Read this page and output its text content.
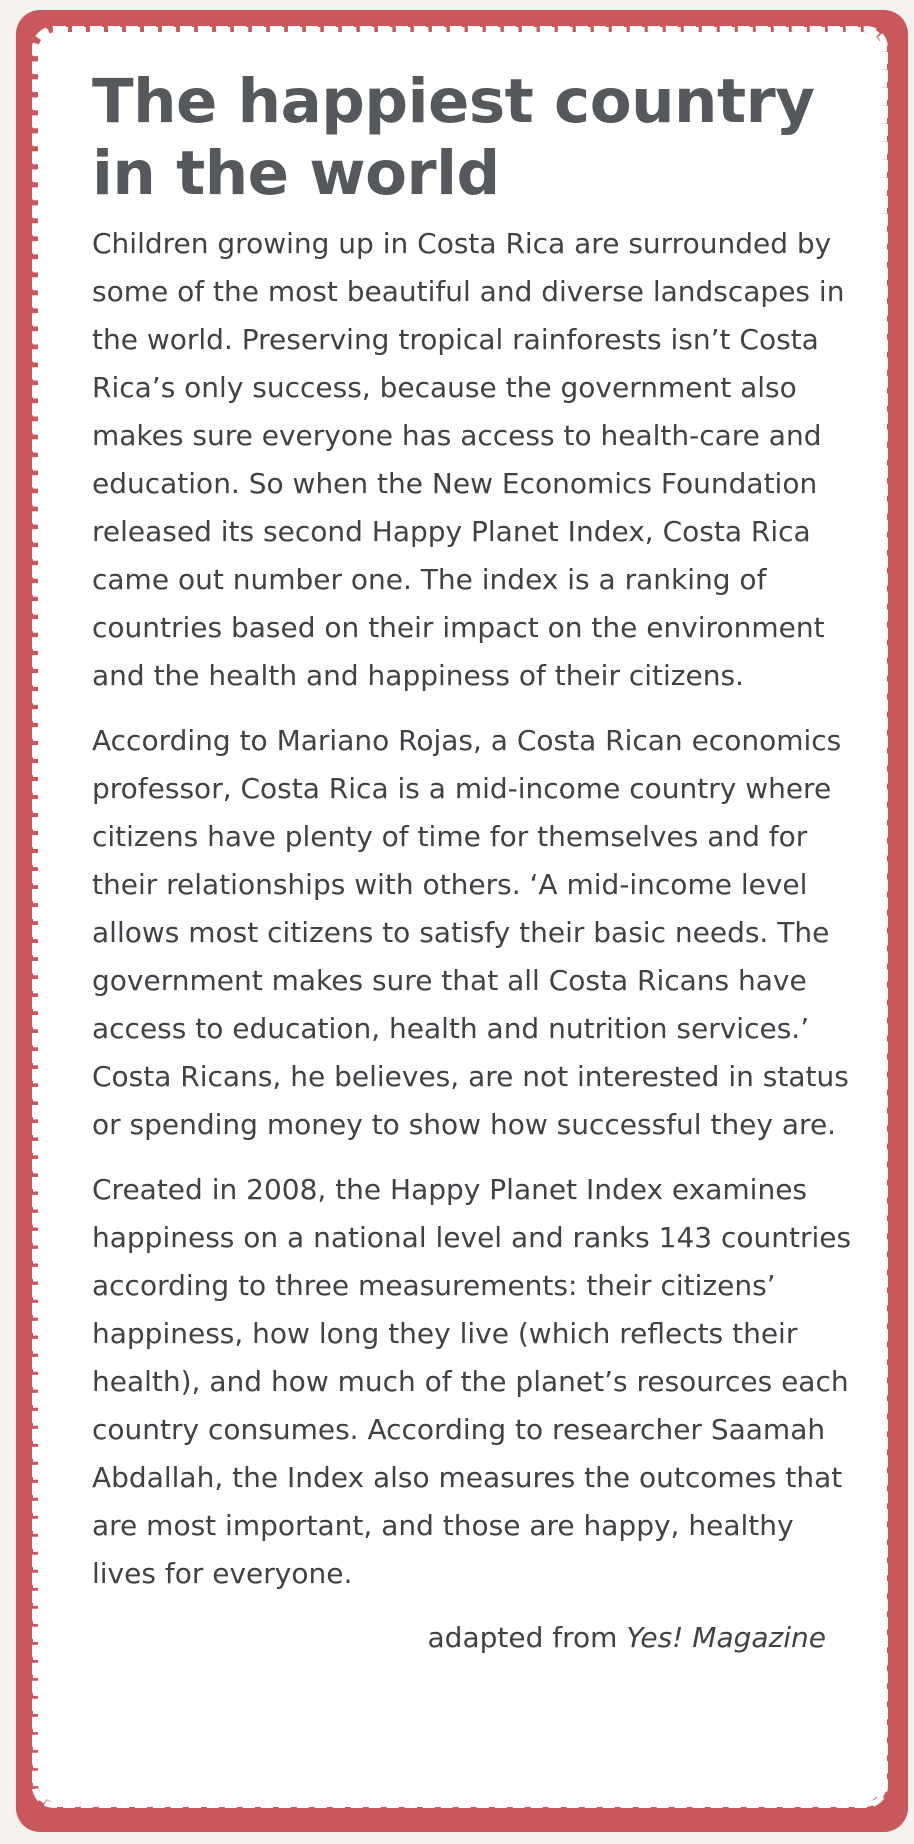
The happiest country in the world

Children growing up in Costa Rica are surrounded by some of the most beautiful and diverse landscapes in the world. Preserving tropical rainforests isn’t Costa Rica’s only success, because the government also makes sure everyone has access to health-care and education. So when the New Economics Foundation released its second Happy Planet Index, Costa Rica came out number one. The index is a ranking of countries based on their impact on the environment and the health and happiness of their citizens.

According to Mariano Rojas, a Costa Rican economics professor, Costa Rica is a mid-income country where citizens have plenty of time for themselves and for their relationships with others. ‘A mid-income level allows most citizens to satisfy their basic needs. The government makes sure that all Costa Ricans have access to education, health and nutrition services.’ Costa Ricans, he believes, are not interested in status or spending money to show how successful they are.

Created in 2008, the Happy Planet Index examines happiness on a national level and ranks 143 countries according to three measurements: their citizens’ happiness, how long they live (which reflects their health), and how much of the planet’s resources each country consumes. According to researcher Saamah Abdallah, the Index also measures the outcomes that are most important, and those are happy, healthy lives for everyone.

adapted from Yes! Magazine
